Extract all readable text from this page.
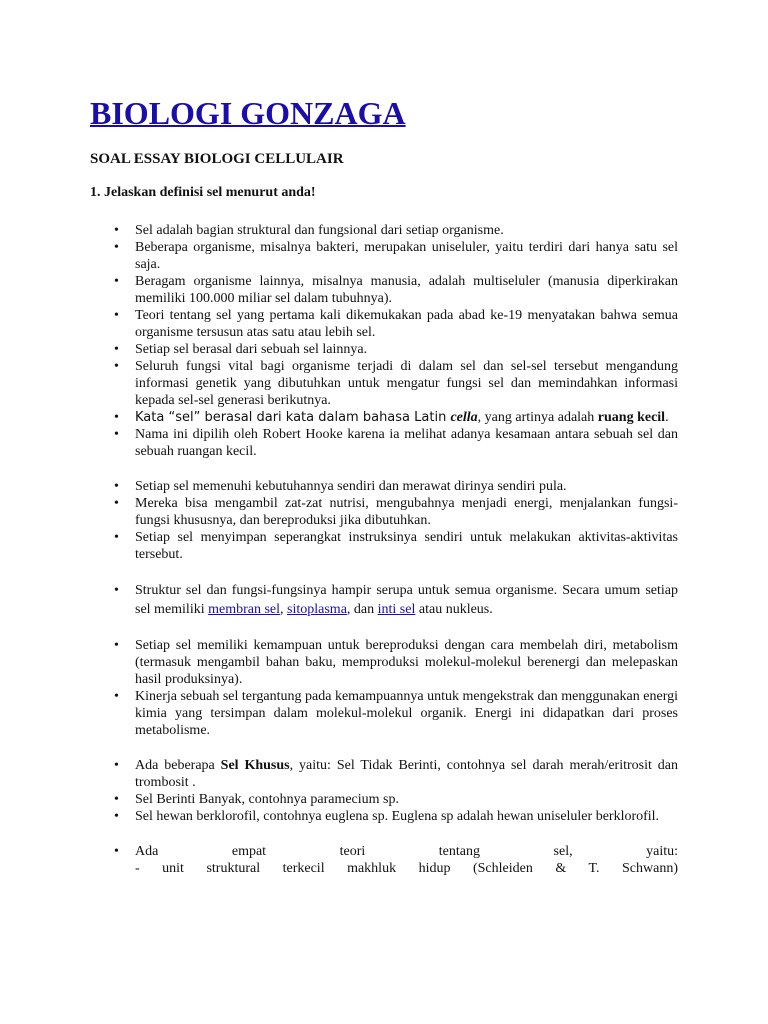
BIOLOGI GONZAGA
SOAL ESSAY BIOLOGI CELLULAIR
1. Jelaskan definisi sel menurut anda!
• Sel adalah bagian struktural dan fungsional dari setiap organisme.
• Beberapa organisme, misalnya bakteri, merupakan uniseluler, yaitu terdiri dari hanya satu sel saja.
• Beragam organisme lainnya, misalnya manusia, adalah multiseluler (manusia diperkirakan memiliki 100.000 miliar sel dalam tubuhnya).
• Teori tentang sel yang pertama kali dikemukakan pada abad ke-19 menyatakan bahwa semua organisme tersusun atas satu atau lebih sel.
• Setiap sel berasal dari sebuah sel lainnya.
• Seluruh fungsi vital bagi organisme terjadi di dalam sel dan sel-sel tersebut mengandung informasi genetik yang dibutuhkan untuk mengatur fungsi sel dan memindahkan informasi kepada sel-sel generasi berikutnya.
• Kata “sel” berasal dari kata dalam bahasa Latin cella, yang artinya adalah ruang kecil.
• Nama ini dipilih oleh Robert Hooke karena ia melihat adanya kesamaan antara sebuah sel dan sebuah ruangan kecil.
• Setiap sel memenuhi kebutuhannya sendiri dan merawat dirinya sendiri pula.
• Mereka bisa mengambil zat-zat nutrisi, mengubahnya menjadi energi, menjalankan fungsi-fungsi khususnya, dan bereproduksi jika dibutuhkan.
• Setiap sel menyimpan seperangkat instruksinya sendiri untuk melakukan aktivitas-aktivitas tersebut.
• Struktur sel dan fungsi-fungsinya hampir serupa untuk semua organisme. Secara umum setiap sel memiliki membran sel, sitoplasma, dan inti sel atau nukleus.
• Setiap sel memiliki kemampuan untuk bereproduksi dengan cara membelah diri, metabolism (termasuk mengambil bahan baku, memproduksi molekul-molekul berenergi dan melepaskan hasil produksinya).
• Kinerja sebuah sel tergantung pada kemampuannya untuk mengekstrak dan menggunakan energi kimia yang tersimpan dalam molekul-molekul organik. Energi ini didapatkan dari proses metabolisme.
• Ada beberapa Sel Khusus, yaitu: Sel Tidak Berinti, contohnya sel darah merah/eritrosit dan trombosit .
• Sel Berinti Banyak, contohnya paramecium sp.
• Sel hewan berklorofil, contohnya euglena sp. Euglena sp adalah hewan uniseluler berklorofil.
• Ada empat teori tentang sel, yaitu:
- unit struktural terkecil makhluk hidup (Schleiden & T. Schwann)
